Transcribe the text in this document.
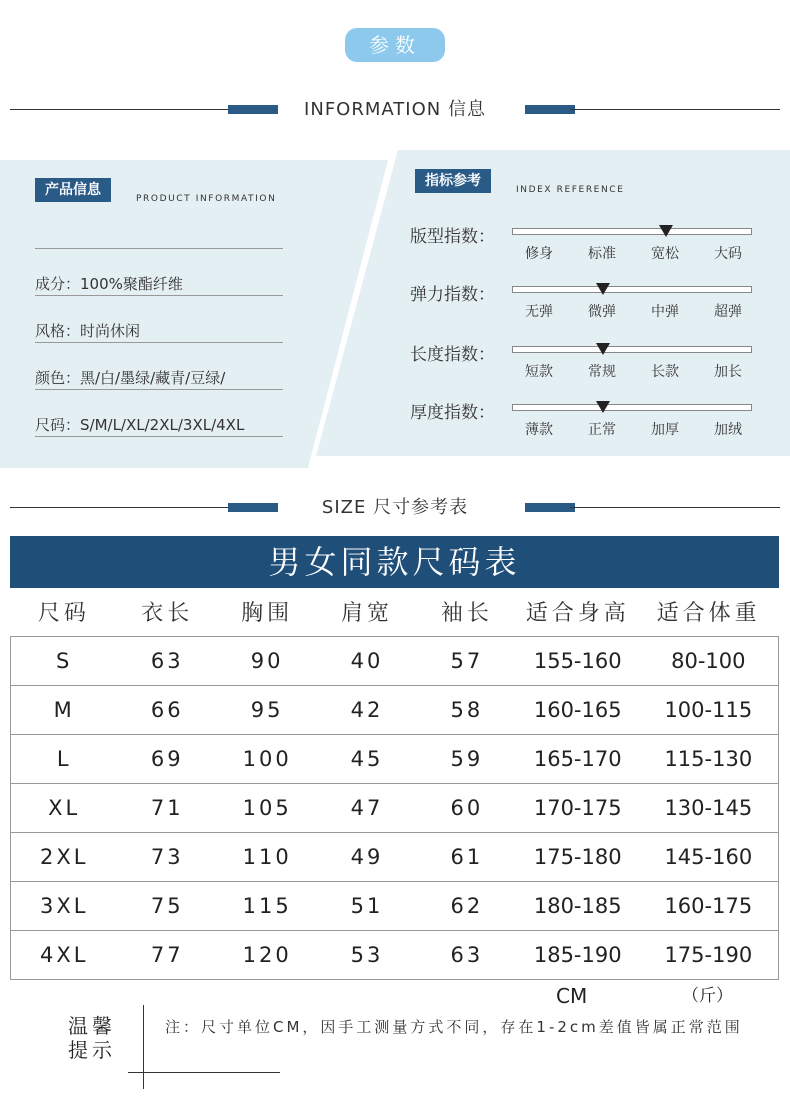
参数
INFORMATION 信息
产品信息
PRODUCT INFORMATION
成分：100%聚酯纤维
风格：时尚休闲
颜色：黑/白/墨绿/藏青/豆绿/
尺码：S/M/L/XL/2XL/3XL/4XL
指标参考
INDEX REFERENCE
版型指数：
修身	标准	宽松	大码
弹力指数：
无弹	微弹	中弹	超弹
长度指数：
短款	常规	长款	加长
厚度指数：
薄款	正常	加厚	加绒
SIZE 尺寸参考表
男女同款尺码表
尺码	衣长	胸围	肩宽	袖长	适合身高	适合体重
S	63	90	40	57	155-160	80-100
M	66	95	42	58	160-165	100-115
L	69	100	45	59	165-170	115-130
XL	71	105	47	60	170-175	130-145
2XL	73	110	49	61	175-180	145-160
3XL	75	115	51	62	180-185	160-175
4XL	77	120	53	63	185-190	175-190
CM	（斤）
温馨提示
注：尺寸单位CM，因手工测量方式不同，存在1-2cm差值皆属正常范围
